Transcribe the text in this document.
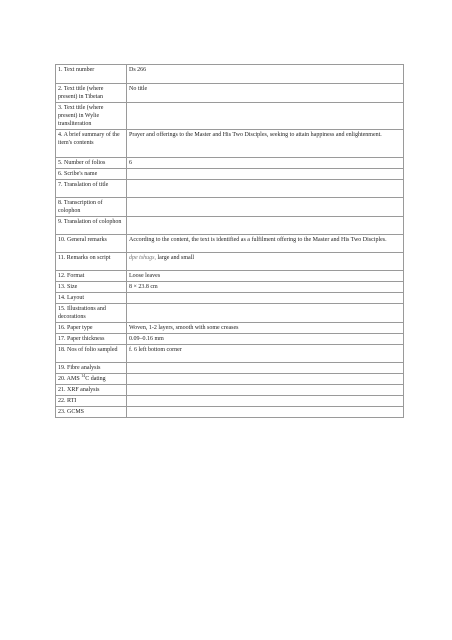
1. Text number	Ds 266
2. Text title (where present) in Tibetan	No title
3. Text title (where present) in Wylie transliteration	
4. A brief summary of the item's contents	Prayer and offerings to the Master and His Two Disciples, seeking to attain happiness and enlightenment.
5. Number of folios	6
6. Scribe's name	
7. Translation of title	
8. Transcription of colophon	
9. Translation of colophon	
10. General remarks	According to the content, the text is identified as a fulfilment offering to the Master and His Two Disciples.
11. Remarks on script	dpe tshugs, large and small
12. Format	Loose leaves
13. Size	8 × 23.8 cm
14. Layout	
15. Illustrations and decorations	
16. Paper type	Woven, 1-2 layers, smooth with some creases
17. Paper thickness	0.09–0.16 mm
18. Nos of folio sampled	f. 6 left bottom corner
19. Fibre analysis	
20. AMS $^{14}$C dating	
21. XRF analysis	
22. RTI	
23. GCMS	
